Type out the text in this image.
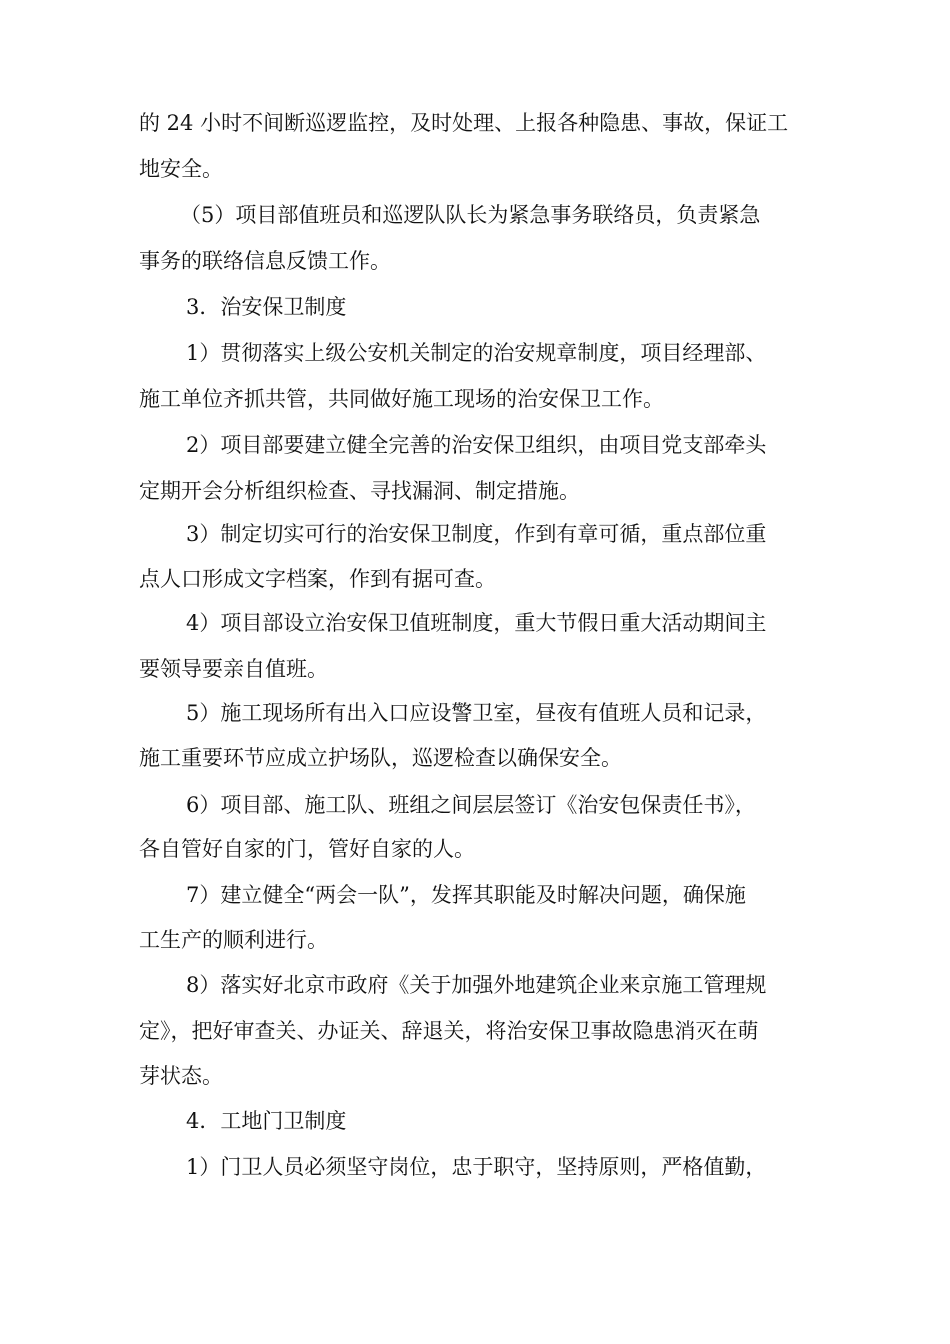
的 24 小时不间断巡逻监控，及时处理、上报各种隐患、事故，保证工
地安全。
（5）项目部值班员和巡逻队队长为紧急事务联络员，负责紧急
事务的联络信息反馈工作。
3．治安保卫制度
1）贯彻落实上级公安机关制定的治安规章制度，项目经理部、
施工单位齐抓共管，共同做好施工现场的治安保卫工作。
2）项目部要建立健全完善的治安保卫组织，由项目党支部牵头
定期开会分析组织检查、寻找漏洞、制定措施。
3）制定切实可行的治安保卫制度，作到有章可循，重点部位重
点人口形成文字档案，作到有据可查。
4）项目部设立治安保卫值班制度，重大节假日重大活动期间主
要领导要亲自值班。
5）施工现场所有出入口应设警卫室，昼夜有值班人员和记录，
施工重要环节应成立护场队，巡逻检查以确保安全。
6）项目部、施工队、班组之间层层签订《治安包保责任书》，
各自管好自家的门，管好自家的人。
7）建立健全“两会一队”，发挥其职能及时解决问题，确保施
工生产的顺利进行。
8）落实好北京市政府《关于加强外地建筑企业来京施工管理规
定》，把好审查关、办证关、辞退关，将治安保卫事故隐患消灭在萌
芽状态。
4．工地门卫制度
1）门卫人员必须坚守岗位，忠于职守，坚持原则，严格值勤，
